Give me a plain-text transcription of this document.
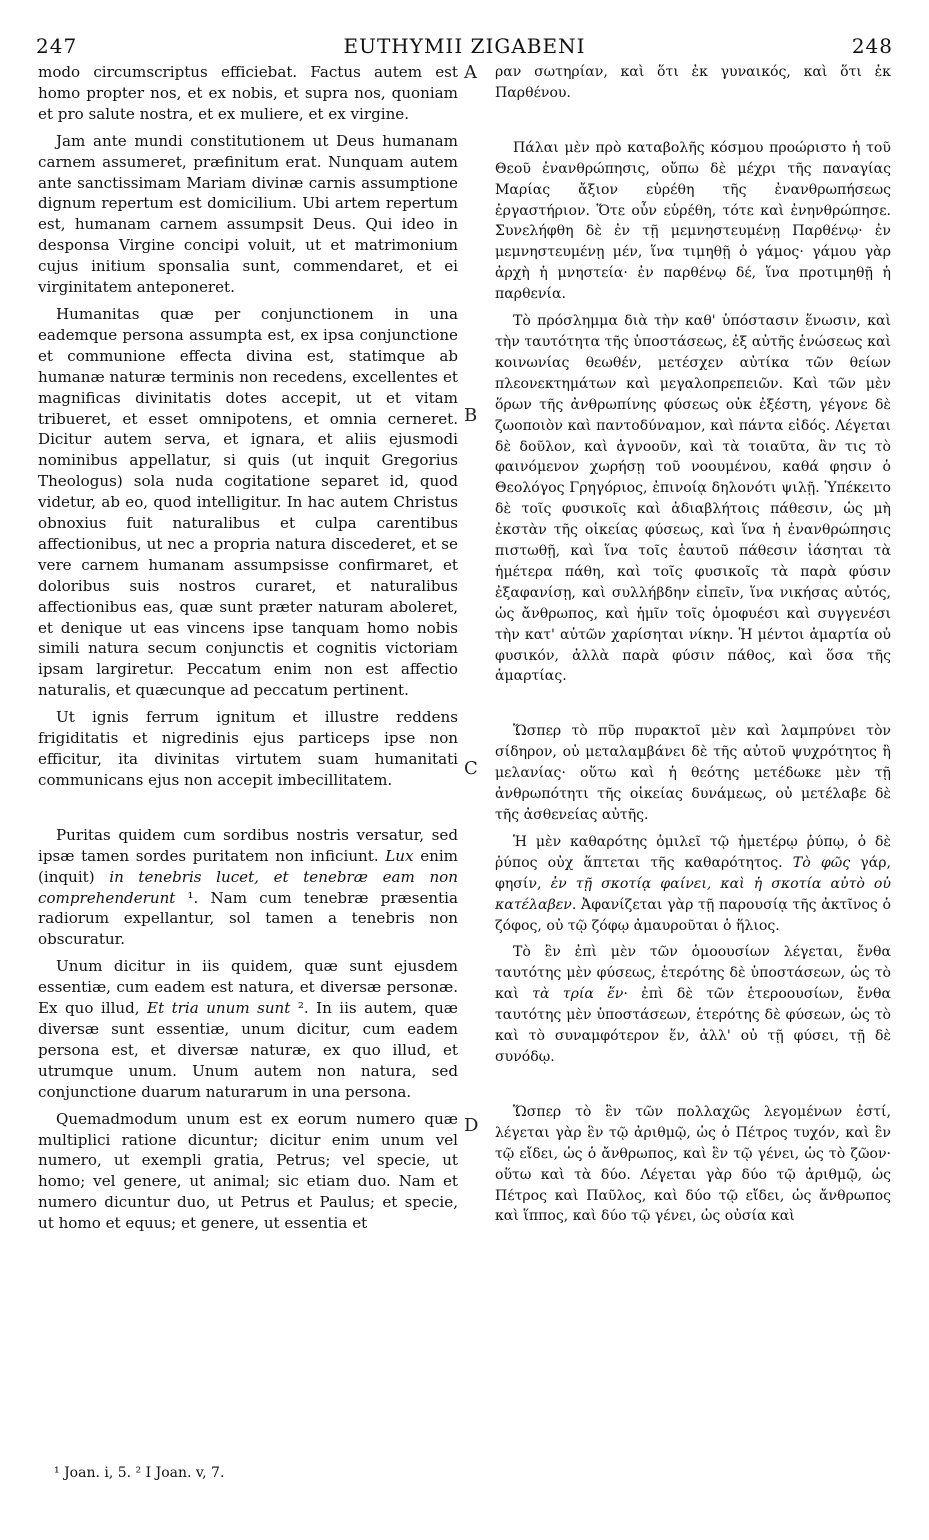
247	EUTHYMII ZIGABENI	248

modo circumscriptus efficiebat. Factus autem est homo propter nos, et ex nobis, et supra nos, quoniam et pro salute nostra, et ex muliere, et ex virgine.

Jam ante mundi constitutionem ut Deus humanam carnem assumeret, præfinitum erat. Nunquam autem ante sanctissimam Mariam divinæ carnis assumptione dignum repertum est domicilium. Ubi artem repertum est, humanam carnem assumpsit Deus. Qui ideo in desponsa Virgine concipi voluit, ut et matrimonium cujus initium sponsalia sunt, commendaret, et ei virginitatem anteponeret.

Humanitas quæ per conjunctionem in una eademque persona assumpta est, ex ipsa conjunctione et communione effecta divina est, statimque ab humanæ naturæ terminis non recedens, excellentes et magnificas divinitatis dotes accepit, ut et vitam tribueret, et esset omnipotens, et omnia cerneret. Dicitur autem serva, et ignara, et aliis ejusmodi nominibus appellatur, si quis (ut inquit Gregorius Theologus) sola nuda cogitatione separet id, quod videtur, ab eo, quod intelligitur. In hac autem Christus obnoxius fuit naturalibus et culpa carentibus affectionibus, ut nec a propria natura discederet, et se vere carnem humanam assumpsisse confirmaret, et doloribus suis nostros curaret, et naturalibus affectionibus eas, quæ sunt præter naturam aboleret, et denique ut eas vincens ipse tanquam homo nobis simili natura secum conjunctis et cognitis victoriam ipsam largiretur. Peccatum enim non est affectio naturalis, et quæcunque ad peccatum pertinent.

Ut ignis ferrum ignitum et illustre reddens frigiditatis et nigredinis ejus particeps ipse non efficitur, ita divinitas virtutem suam humanitati communicans ejus non accepit imbecillitatem.

Puritas quidem cum sordibus nostris versatur, sed ipsæ tamen sordes puritatem non inficiunt. Lux enim (inquit) in tenebris lucet, et tenebræ eam non comprehenderunt ¹. Nam cum tenebræ præsentia radiorum expellantur, sol tamen a tenebris non obscuratur.

Unum dicitur in iis quidem, quæ sunt ejusdem essentiæ, cum eadem est natura, et diversæ personæ. Ex quo illud, Et tria unum sunt ². In iis autem, quæ diversæ sunt essentiæ, unum dicitur, cum eadem persona est, et diversæ naturæ, ex quo illud, et utrumque unum. Unum autem non natura, sed conjunctione duarum naturarum in una persona.

Quemadmodum unum est ex eorum numero quæ multiplici ratione dicuntur; dicitur enim unum vel numero, ut exempli gratia, Petrus; vel specie, ut homo; vel genere, ut animal; sic etiam duo. Nam et numero dicuntur duo, ut Petrus et Paulus; et specie, ut homo et equus; et genere, ut essentia et

A
B
C
D

ραν σωτηρίαν, καὶ ὅτι ἐκ γυναικός, καὶ ὅτι ἐκ Παρθένου.

Πάλαι μὲν πρὸ καταβολῆς κόσμου προώριστο ἡ τοῦ Θεοῦ ἐνανθρώπησις, οὔπω δὲ μέχρι τῆς παναγίας Μαρίας ἄξιον εὑρέθη τῆς ἐνανθρωπήσεως ἐργαστήριον. Ὅτε οὖν εὑρέθη, τότε καὶ ἐνηνθρώπησε. Συνελήφθη δὲ ἐν τῇ μεμνηστευμένῃ Παρθένῳ· ἐν μεμνηστευμένῃ μέν, ἵνα τιμηθῇ ὁ γάμος· γάμου γὰρ ἀρχὴ ἡ μνηστεία· ἐν παρθένῳ δέ, ἵνα προτιμηθῇ ἡ παρθενία.

Τὸ πρόσλημμα διὰ τὴν καθ' ὑπόστασιν ἕνωσιν, καὶ τὴν ταυτότητα τῆς ὑποστάσεως, ἐξ αὐτῆς ἑνώσεως καὶ κοινωνίας θεωθέν, μετέσχεν αὐτίκα τῶν θείων πλεονεκτημάτων καὶ μεγαλοπρεπειῶν. Καὶ τῶν μὲν ὅρων τῆς ἀνθρωπίνης φύσεως οὐκ ἐξέστη, γέγονε δὲ ζωοποιὸν καὶ παντοδύναμον, καὶ πάντα εἰδός. Λέγεται δὲ δοῦλον, καὶ ἀγνοοῦν, καὶ τὰ τοιαῦτα, ἂν τις τὸ φαινόμενον χωρήσῃ τοῦ νοουμένου, καθά φησιν ὁ Θεολόγος Γρηγόριος, ἐπινοίᾳ δηλονότι ψιλῇ. Ὑπέκειτο δὲ τοῖς φυσικοῖς καὶ ἀδιαβλήτοις πάθεσιν, ὡς μὴ ἐκστὰν τῆς οἰκείας φύσεως, καὶ ἵνα ἡ ἐνανθρώπησις πιστωθῇ, καὶ ἵνα τοῖς ἑαυτοῦ πάθεσιν ἰάσηται τὰ ἡμέτερα πάθη, καὶ τοῖς φυσικοῖς τὰ παρὰ φύσιν ἐξαφανίσῃ, καὶ συλλήβδην εἰπεῖν, ἵνα νικήσας αὐτός, ὡς ἄνθρωπος, καὶ ἡμῖν τοῖς ὁμοφυέσι καὶ συγγενέσι τὴν κατ' αὐτῶν χαρίσηται νίκην. Ἡ μέντοι ἁμαρτία οὐ φυσικόν, ἀλλὰ παρὰ φύσιν πάθος, καὶ ὅσα τῆς ἁμαρτίας.

Ὥσπερ τὸ πῦρ πυρακτοῖ μὲν καὶ λαμπρύνει τὸν σίδηρον, οὐ μεταλαμβάνει δὲ τῆς αὐτοῦ ψυχρότητος ἢ μελανίας· οὕτω καὶ ἡ θεότης μετέδωκε μὲν τῇ ἀνθρωπότητι τῆς οἰκείας δυνάμεως, οὐ μετέλαβε δὲ τῆς ἀσθενείας αὐτῆς.

Ἡ μὲν καθαρότης ὁμιλεῖ τῷ ἡμετέρῳ ῥύπῳ, ὁ δὲ ῥύπος οὐχ ἅπτεται τῆς καθαρότητος. Τὸ φῶς γάρ, φησίν, ἐν τῇ σκοτίᾳ φαίνει, καὶ ἡ σκοτία αὐτὸ οὐ κατέλαβεν. Ἀφανίζεται γὰρ τῇ παρουσίᾳ τῆς ἀκτῖνος ὁ ζόφος, οὐ τῷ ζόφῳ ἀμαυροῦται ὁ ἥλιος.

Τὸ ἓν ἐπὶ μὲν τῶν ὁμοουσίων λέγεται, ἔνθα ταυτότης μὲν φύσεως, ἑτερότης δὲ ὑποστάσεων, ὡς τὸ καὶ τὰ τρία ἕν· ἐπὶ δὲ τῶν ἑτεροουσίων, ἔνθα ταυτότης μὲν ὑποστάσεων, ἑτερότης δὲ φύσεων, ὡς τὸ καὶ τὸ συναμφότερον ἕν, ἀλλ' οὐ τῇ φύσει, τῇ δὲ συνόδῳ.

Ὥσπερ τὸ ἓν τῶν πολλαχῶς λεγομένων ἐστί, λέγεται γὰρ ἓν τῷ ἀριθμῷ, ὡς ὁ Πέτρος τυχόν, καὶ ἓν τῷ εἴδει, ὡς ὁ ἄνθρωπος, καὶ ἓν τῷ γένει, ὡς τὸ ζῶον· οὕτω καὶ τὰ δύο. Λέγεται γὰρ δύο τῷ ἀριθμῷ, ὡς Πέτρος καὶ Παῦλος, καὶ δύο τῷ εἴδει, ὡς ἄνθρωπος καὶ ἵππος, καὶ δύο τῷ γένει, ὡς οὐσία καὶ

¹ Joan. i, 5. ² I Joan. v, 7.
